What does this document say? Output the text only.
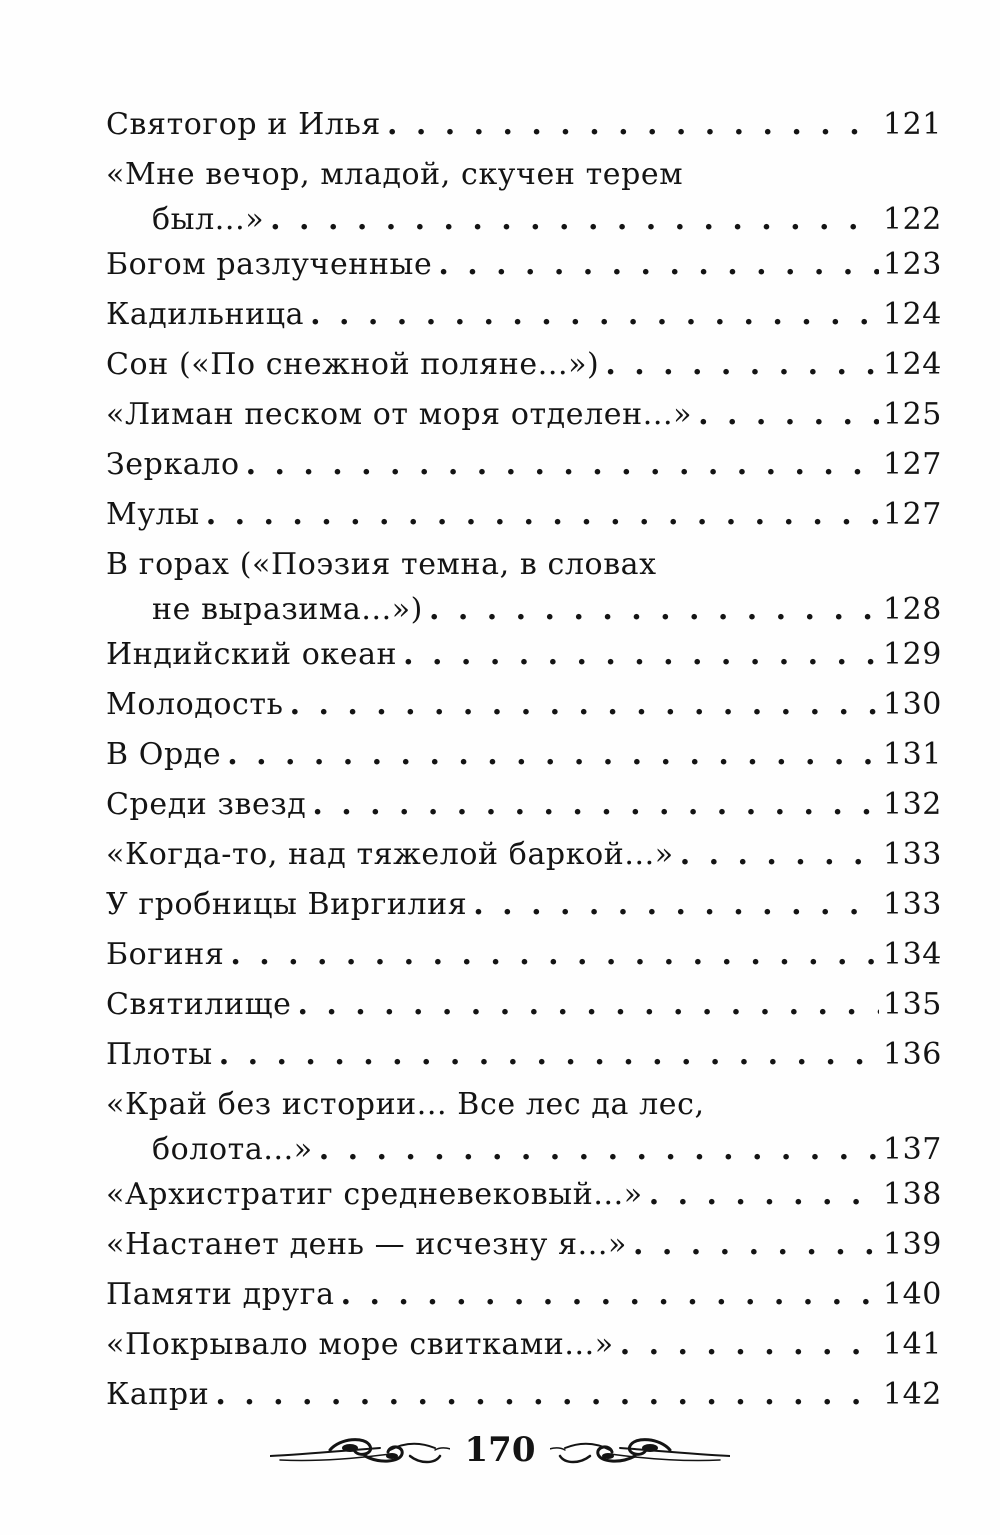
Святогор и Илья . . .	121
«Мне вечор, младой, скучен терем
был...» . . .	122
Богом разлученные . . .	123
Кадильница . . .	124
Сон («По снежной поляне...») . . .	124
«Лиман песком от моря отделен...» . . .	125
Зеркало . . .	127
Мулы . . .	127
В горах («Поэзия темна, в словах
не выразима...») . . .	128
Индийский океан . . .	129
Молодость . . .	130
В Орде . . .	131
Среди звезд . . .	132
«Когда-то, над тяжелой баркой...» . . .	133
У гробницы Виргилия . . .	133
Богиня . . .	134
Святилище . . .	135
Плоты . . .	136
«Край без истории... Все лес да лес,
болота...» . . .	137
«Архистратиг средневековый...» . . .	138
«Настанет день — исчезну я...» . . .	139
Памяти друга . . .	140
«Покрывало море свитками...» . . .	141
Капри . . .	142
170
